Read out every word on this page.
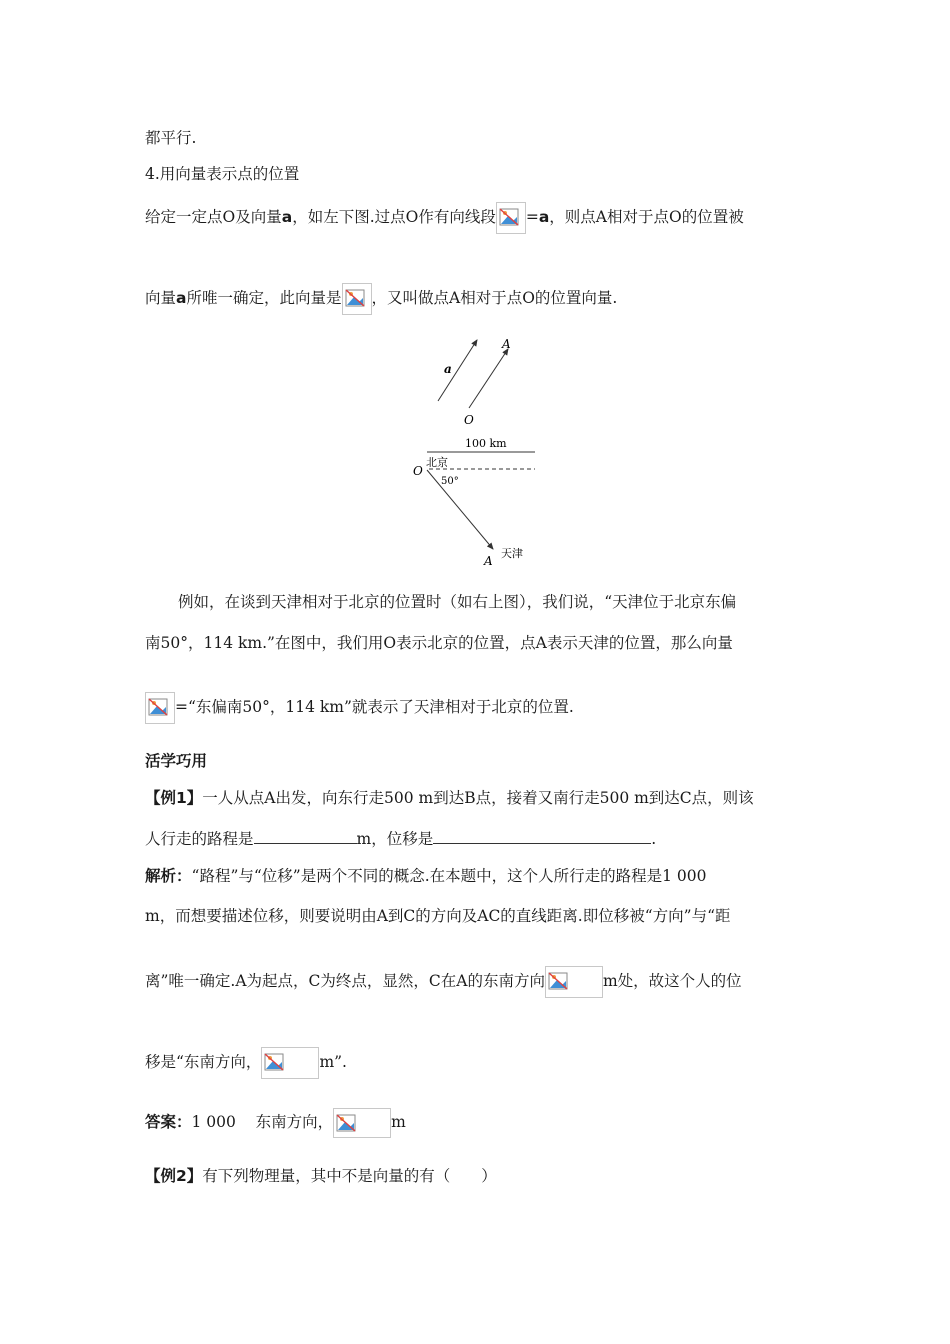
都平行.
4.用向量表示点的位置
给定一定点O及向量a，如左下图.过点O作有向线段 =a，则点A相对于点O的位置被
向量a所唯一确定，此向量是 ，又叫做点A相对于点O的位置向量.
a
A
O
100 km
北京
O
50°
天津
A
例如，在谈到天津相对于北京的位置时（如右上图），我们说，“天津位于北京东偏
南50°，114 km.”在图中，我们用O表示北京的位置，点A表示天津的位置，那么向量
=“东偏南50°，114 km”就表示了天津相对于北京的位置.
活学巧用
【例1】一人从点A出发，向东行走500 m到达B点，接着又南行走500 m到达C点，则该
人行走的路程是	m，位移是	.
解析：“路程”与“位移”是两个不同的概念.在本题中，这个人所行走的路程是1 000
m，而想要描述位移，则要说明由A到C的方向及AC的直线距离.即位移被“方向”与“距
离”唯一确定.A为起点，C为终点，显然，C在A的东南方向	m处，故这个人的位
移是“东南方向，	m”.
答案：1 000    东南方向，	m
【例2】有下列物理量，其中不是向量的有（　　）
